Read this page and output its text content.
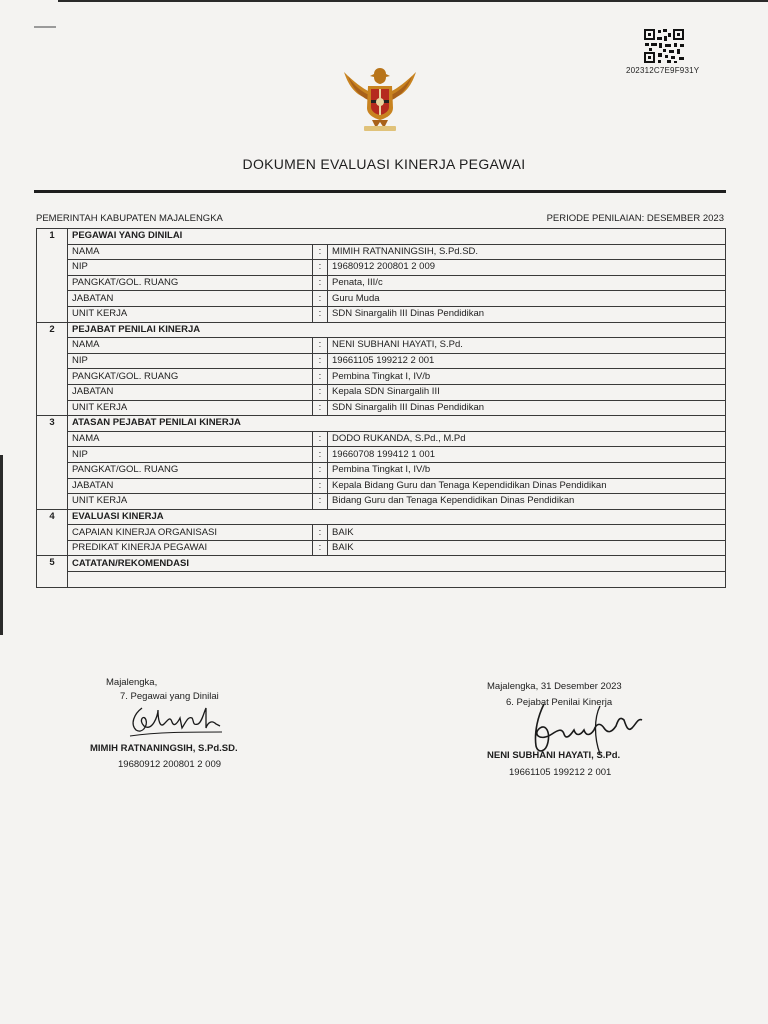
202312C7E9F931Y
DOKUMEN EVALUASI KINERJA PEGAWAI
PEMERINTAH KABUPATEN MAJALENGKA	PERIODE PENILAIAN: DESEMBER 2023
1	PEGAWAI YANG DINILAI		
	NAMA	:	MIMIH RATNANINGSIH, S.Pd.SD.
	NIP	:	19680912 200801 2 009
	PANGKAT/GOL. RUANG	:	Penata, III/c
	JABATAN	:	Guru Muda
	UNIT KERJA	:	SDN Sinargalih III Dinas Pendidikan
2	PEJABAT PENILAI KINERJA		
	NAMA	:	NENI SUBHANI HAYATI, S.Pd.
	NIP	:	19661105 199212 2 001
	PANGKAT/GOL. RUANG	:	Pembina Tingkat I, IV/b
	JABATAN	:	Kepala SDN Sinargalih III
	UNIT KERJA	:	SDN Sinargalih III Dinas Pendidikan
3	ATASAN PEJABAT PENILAI KINERJA		
	NAMA	:	DODO RUKANDA, S.Pd., M.Pd
	NIP	:	19660708 199412 1 001
	PANGKAT/GOL. RUANG	:	Pembina Tingkat I, IV/b
	JABATAN	:	Kepala Bidang Guru dan Tenaga Kependidikan Dinas Pendidikan
	UNIT KERJA	:	Bidang Guru dan Tenaga Kependidikan Dinas Pendidikan
4	EVALUASI KINERJA		
	CAPAIAN KINERJA ORGANISASI	:	BAIK
	PREDIKAT KINERJA PEGAWAI	:	BAIK
5	CATATAN/REKOMENDASI		

Majalengka,
7. Pegawai yang Dinilai
MIMIH RATNANINGSIH, S.Pd.SD.
19680912 200801 2 009
Majalengka, 31 Desember 2023
6. Pejabat Penilai Kinerja
NENI SUBHANI HAYATI, S.Pd.
19661105 199212 2 001
